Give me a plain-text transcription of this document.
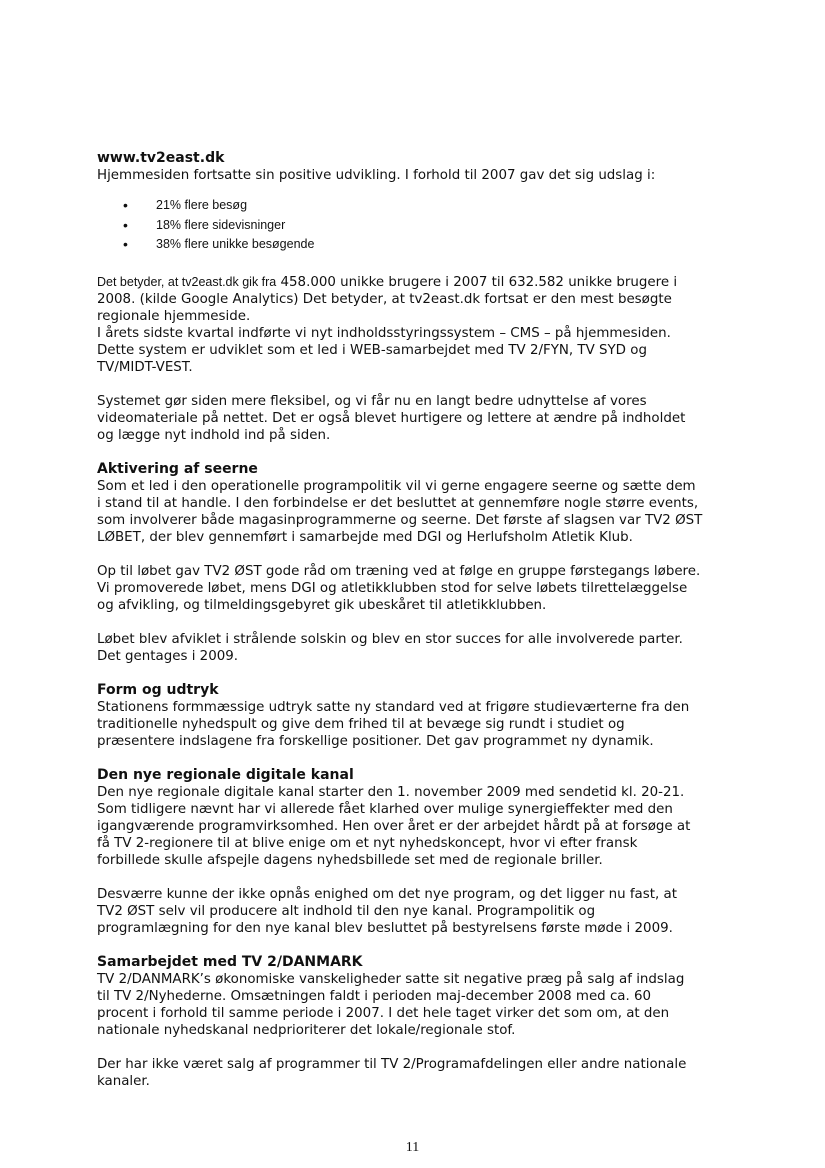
www.tv2east.dk

Hjemmesiden fortsatte sin positive udvikling. I forhold til 2007 gav det sig udslag i:

• 21% flere besøg
• 18% flere sidevisninger
• 38% flere unikke besøgende

Det betyder, at tv2east.dk gik fra 458.000 unikke brugere i 2007 til 632.582 unikke brugere i
2008. (kilde Google Analytics) Det betyder, at tv2east.dk fortsat er den mest besøgte
regionale hjemmeside.
I årets sidste kvartal indførte vi nyt indholdsstyringssystem – CMS – på hjemmesiden.
Dette system er udviklet som et led i WEB-samarbejdet med TV 2/FYN, TV SYD og
TV/MIDT-VEST.

Systemet gør siden mere fleksibel, og vi får nu en langt bedre udnyttelse af vores
videomateriale på nettet. Det er også blevet hurtigere og lettere at ændre på indholdet
og lægge nyt indhold ind på siden.

Aktivering af seerne

Som et led i den operationelle programpolitik vil vi gerne engagere seerne og sætte dem
i stand til at handle. I den forbindelse er det besluttet at gennemføre nogle større events,
som involverer både magasinprogrammerne og seerne. Det første af slagsen var TV2 ØST
LØBET, der blev gennemført i samarbejde med DGI og Herlufsholm Atletik Klub.

Op til løbet gav TV2 ØST gode råd om træning ved at følge en gruppe førstegangs løbere.
Vi promoverede løbet, mens DGI og atletikklubben stod for selve løbets tilrettelæggelse
og afvikling, og tilmeldingsgebyret gik ubeskåret til atletikklubben.

Løbet blev afviklet i strålende solskin og blev en stor succes for alle involverede parter.
Det gentages i 2009.

Form og udtryk

Stationens formmæssige udtryk satte ny standard ved at frigøre studieværterne fra den
traditionelle nyhedspult og give dem frihed til at bevæge sig rundt i studiet og
præsentere indslagene fra forskellige positioner. Det gav programmet ny dynamik.

Den nye regionale digitale kanal

Den nye regionale digitale kanal starter den 1. november 2009 med sendetid kl. 20-21.
Som tidligere nævnt har vi allerede fået klarhed over mulige synergieffekter med den
igangværende programvirksomhed. Hen over året er der arbejdet hårdt på at forsøge at
få TV 2-regionere til at blive enige om et nyt nyhedskoncept, hvor vi efter fransk
forbillede skulle afspejle dagens nyhedsbillede set med de regionale briller.

Desværre kunne der ikke opnås enighed om det nye program, og det ligger nu fast, at
TV2 ØST selv vil producere alt indhold til den nye kanal. Programpolitik og
programlægning for den nye kanal blev besluttet på bestyrelsens første møde i 2009.

Samarbejdet med TV 2/DANMARK

TV 2/DANMARK’s økonomiske vanskeligheder satte sit negative præg på salg af indslag
til TV 2/Nyhederne. Omsætningen faldt i perioden maj-december 2008 med ca. 60
procent i forhold til samme periode i 2007. I det hele taget virker det som om, at den
nationale nyhedskanal nedprioriterer det lokale/regionale stof.

Der har ikke været salg af programmer til TV 2/Programafdelingen eller andre nationale
kanaler.

11
